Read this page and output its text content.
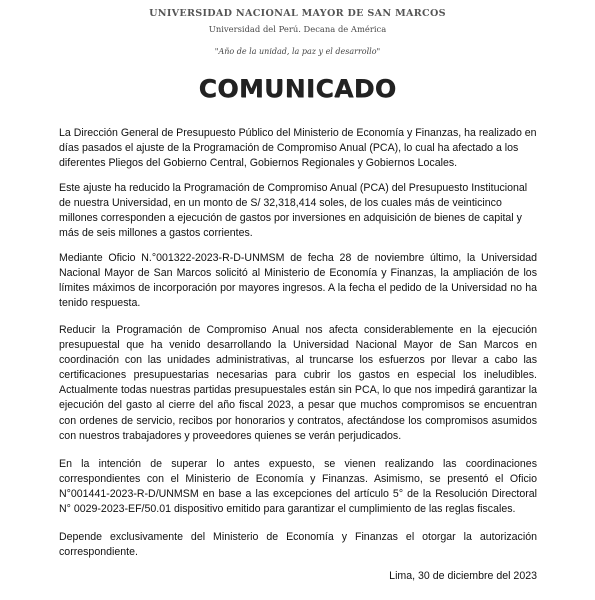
UNIVERSIDAD NACIONAL MAYOR DE SAN MARCOS
Universidad del Perú. Decana de América
"Año de la unidad, la paz y el desarrollo"
COMUNICADO

La Dirección General de Presupuesto Público del Ministerio de Economía y Finanzas, ha realizado en días pasados el ajuste de la Programación de Compromiso Anual (PCA), lo cual ha afectado a los diferentes Pliegos del Gobierno Central, Gobiernos Regionales y Gobiernos Locales.

Este ajuste ha reducido la Programación de Compromiso Anual (PCA) del Presupuesto Institucional de nuestra Universidad, en un monto de S/ 32,318,414 soles, de los cuales más de veinticinco millones corresponden a ejecución de gastos por inversiones en adquisición de bienes de capital y más de seis millones a gastos corrientes.

Mediante Oficio N.°001322-2023-R-D-UNMSM de fecha 28 de noviembre último, la Universidad Nacional Mayor de San Marcos solicitó al Ministerio de Economía y Finanzas, la ampliación de los límites máximos de incorporación por mayores ingresos. A la fecha el pedido de la Universidad no ha tenido respuesta.

Reducir la Programación de Compromiso Anual nos afecta considerablemente en la ejecución presupuestal que ha venido desarrollando la Universidad Nacional Mayor de San Marcos en coordinación con las unidades administrativas, al truncarse los esfuerzos por llevar a cabo las certificaciones presupuestarias necesarias para cubrir los gastos en especial los ineludibles. Actualmente todas nuestras partidas presupuestales están sin PCA, lo que nos impedirá garantizar la ejecución del gasto al cierre del año fiscal 2023, a pesar que muchos compromisos se encuentran con ordenes de servicio, recibos por honorarios y contratos, afectándose los compromisos asumidos con nuestros trabajadores y proveedores quienes se verán perjudicados.

En la intención de superar lo antes expuesto, se vienen realizando las coordinaciones correspondientes con el Ministerio de Economía y Finanzas. Asimismo, se presentó el Oficio N°001441-2023-R-D/UNMSM en base a las excepciones del artículo 5° de la Resolución Directoral N° 0029-2023-EF/50.01 dispositivo emitido para garantizar el cumplimiento de las reglas fiscales.

Depende exclusivamente del Ministerio de Economía y Finanzas el otorgar la autorización correspondiente.

Lima, 30 de diciembre del 2023
